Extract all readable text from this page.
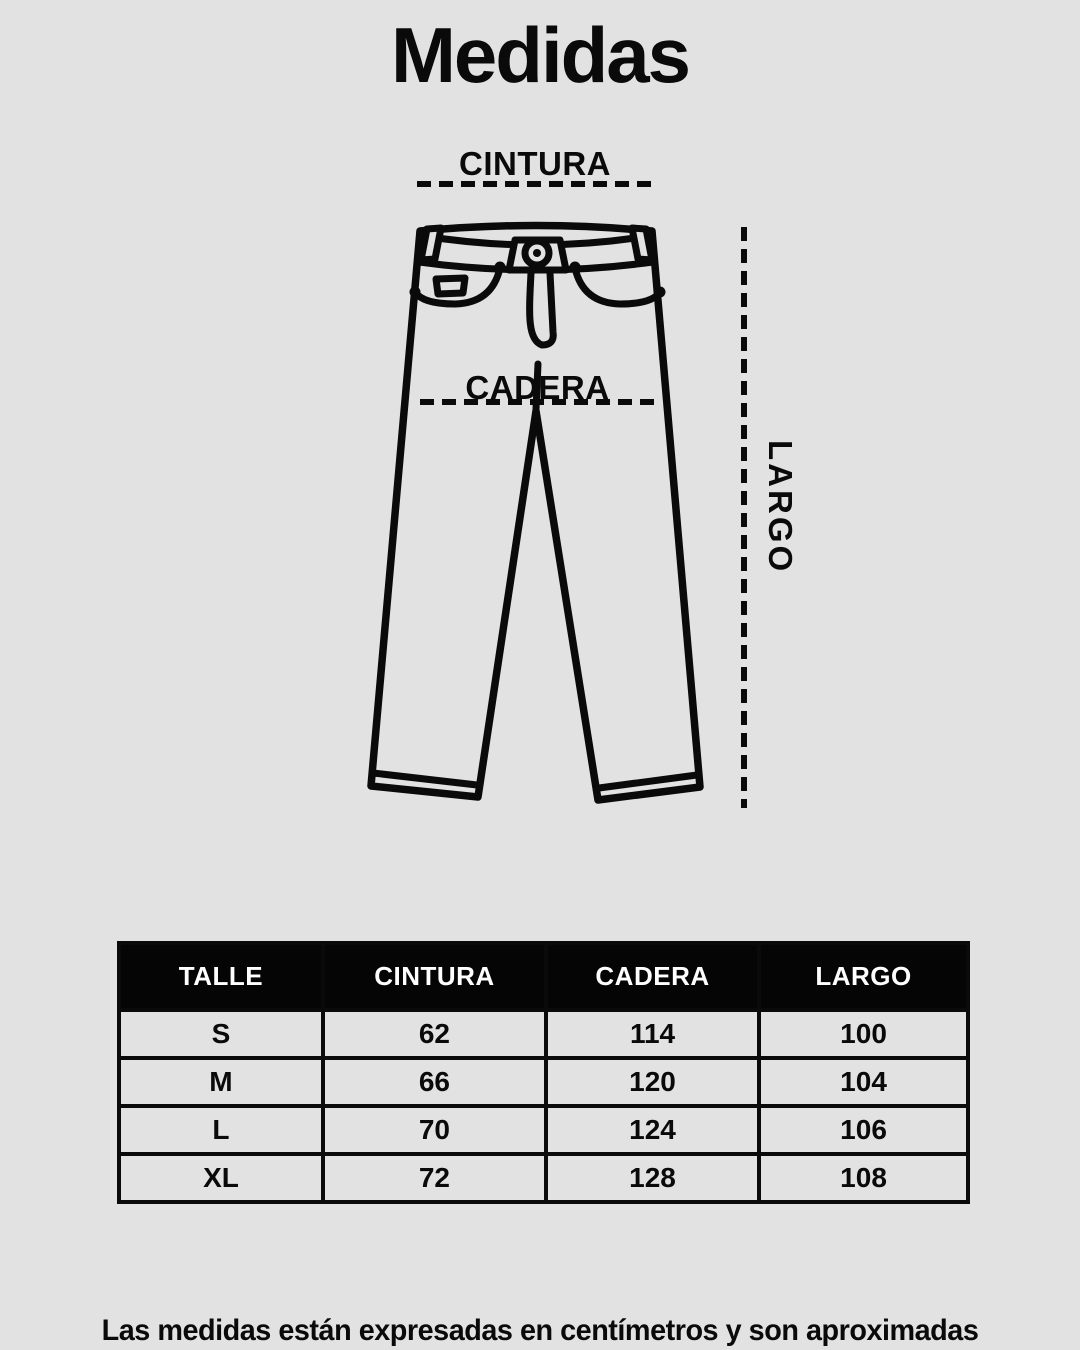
Medidas
CINTURA
CADERA
LARGO
TALLE	CINTURA	CADERA	LARGO
S	62	114	100
M	66	120	104
L	70	124	106
XL	72	128	108
Las medidas están expresadas en centímetros y son aproximadas
